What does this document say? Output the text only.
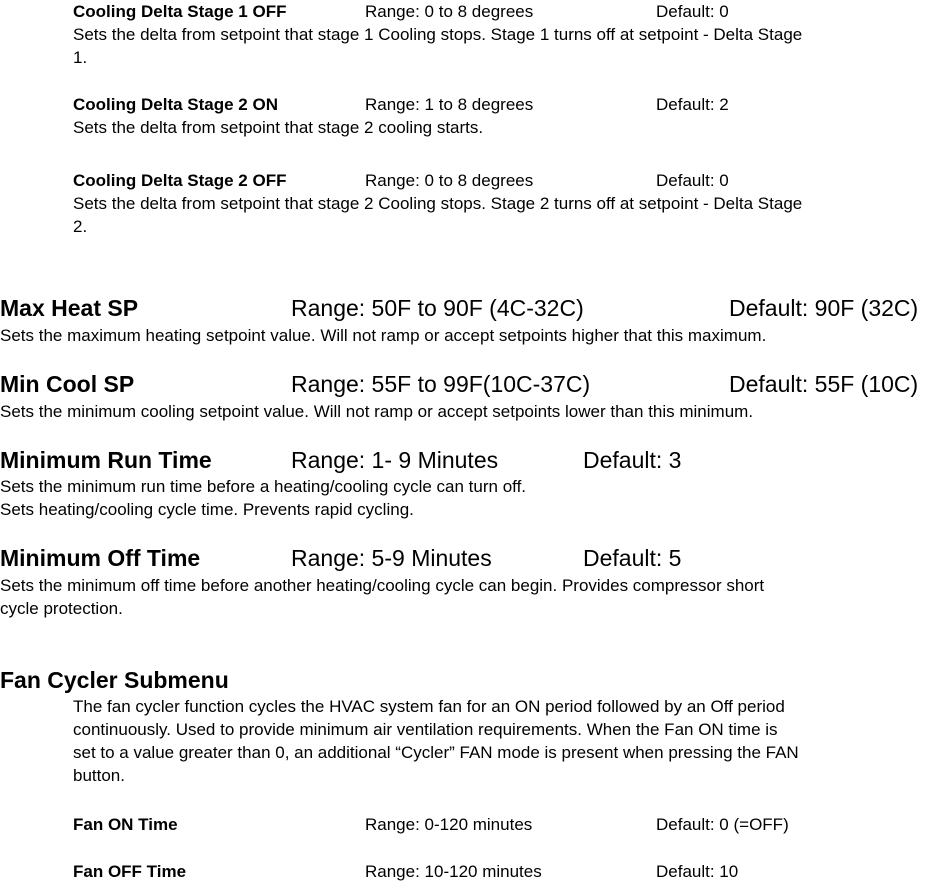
Cooling Delta Stage 1 OFF	Range: 0 to 8 degrees	Default: 0
Sets the delta from setpoint that stage 1 Cooling stops. Stage 1 turns off at setpoint - Delta Stage
1.
Cooling Delta Stage 2 ON	Range: 1 to 8 degrees	Default: 2
Sets the delta from setpoint that stage 2 cooling starts.
Cooling Delta Stage 2 OFF	Range: 0 to 8 degrees	Default: 0
Sets the delta from setpoint that stage 2 Cooling stops. Stage 2 turns off at setpoint - Delta Stage
2.
Max Heat SP	Range: 50F to 90F (4C-32C)	Default: 90F (32C)
Sets the maximum heating setpoint value. Will not ramp or accept setpoints higher that this maximum.
Min Cool SP	Range: 55F to 99F(10C-37C)	Default: 55F (10C)
Sets the minimum cooling setpoint value. Will not ramp or accept setpoints lower than this minimum.
Minimum Run Time	Range: 1- 9 Minutes	Default: 3
Sets the minimum run time before a heating/cooling cycle can turn off.
Sets heating/cooling cycle time. Prevents rapid cycling.
Minimum Off Time	Range: 5-9 Minutes	Default: 5
Sets the minimum off time before another heating/cooling cycle can begin. Provides compressor short
cycle protection.
Fan Cycler Submenu
The fan cycler function cycles the HVAC system fan for an ON period followed by an Off period
continuously. Used to provide minimum air ventilation requirements. When the Fan ON time is
set to a value greater than 0, an additional “Cycler” FAN mode is present when pressing the FAN
button.
Fan ON Time	Range: 0-120 minutes	Default: 0 (=OFF)
Fan OFF Time	Range: 10-120 minutes	Default: 10
